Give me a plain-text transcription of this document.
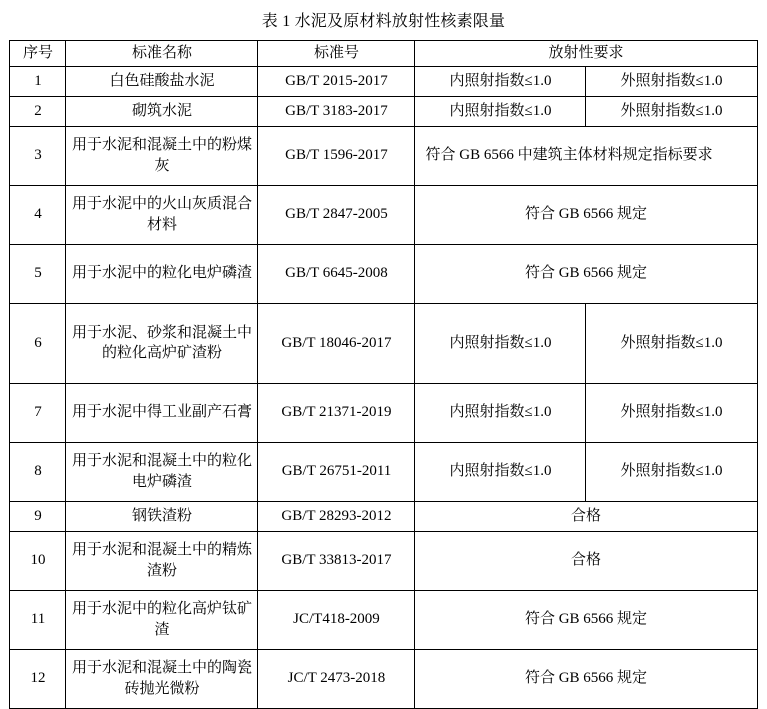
表 1 水泥及原材料放射性核素限量
序号	标准名称	标准号	放射性要求	
1	白色硅酸盐水泥	GB/T 2015-2017	内照射指数≤1.0	外照射指数≤1.0
2	砌筑水泥	GB/T 3183-2017	内照射指数≤1.0	外照射指数≤1.0
3	用于水泥和混凝土中的粉煤灰	GB/T 1596-2017	符合 GB 6566 中建筑主体材料规定指标要求	
4	用于水泥中的火山灰质混合材料	GB/T 2847-2005	符合 GB 6566 规定	
5	用于水泥中的粒化电炉磷渣	GB/T 6645-2008	符合 GB 6566 规定	
6	用于水泥、砂浆和混凝土中的粒化高炉矿渣粉	GB/T 18046-2017	内照射指数≤1.0	外照射指数≤1.0
7	用于水泥中得工业副产石膏	GB/T 21371-2019	内照射指数≤1.0	外照射指数≤1.0
8	用于水泥和混凝土中的粒化电炉磷渣	GB/T 26751-2011	内照射指数≤1.0	外照射指数≤1.0
9	钢铁渣粉	GB/T 28293-2012	合格	
10	用于水泥和混凝土中的精炼渣粉	GB/T 33813-2017	合格	
11	用于水泥中的粒化高炉钛矿渣	JC/T418-2009	符合 GB 6566 规定	
12	用于水泥和混凝土中的陶瓷砖抛光微粉	JC/T 2473-2018	符合 GB 6566 规定	
